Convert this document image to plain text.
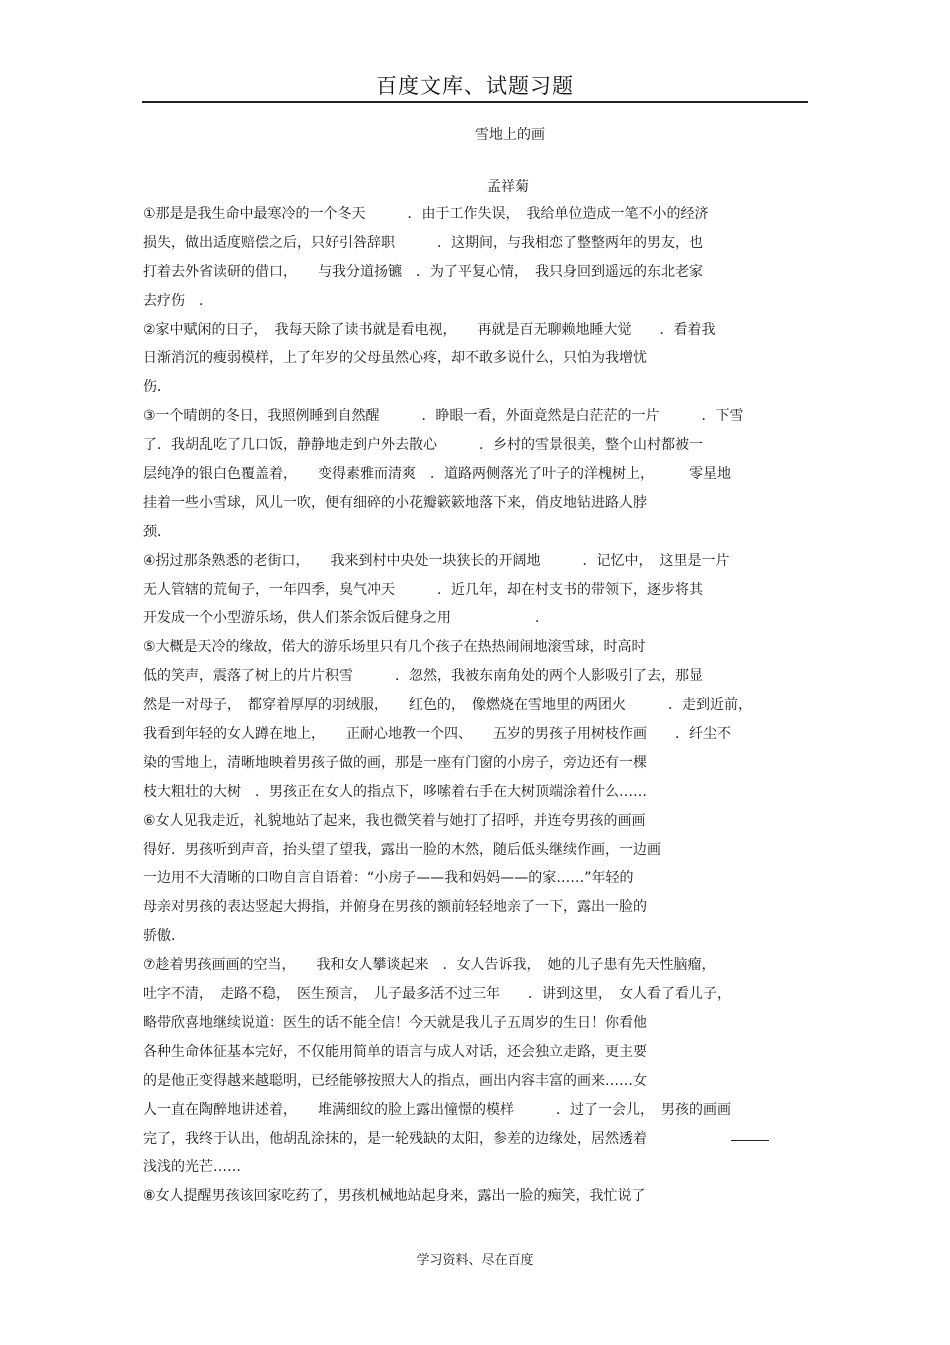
百度文库、试题习题
雪地上的画
孟祥菊
①那是是我生命中最寒冷的一个冬天　　　．由于工作失误，　我给单位造成一笔不小的经济
损失，做出适度赔偿之后，只好引咎辞职　　　．这期间，与我相恋了整整两年的男友，也
打着去外省读研的借口，　　与我分道扬镳　．为了平复心情，　我只身回到遥远的东北老家
去疗伤　．
②家中赋闲的日子，　我每天除了读书就是看电视，　　再就是百无聊赖地睡大觉　　．看着我
日渐消沉的瘦弱模样，上了年岁的父母虽然心疼，却不敢多说什么，只怕为我增忧
伤．
③一个晴朗的冬日，我照例睡到自然醒　　　．睁眼一看，外面竟然是白茫茫的一片　　　．下雪
了．我胡乱吃了几口饭，静静地走到户外去散心　　　．乡村的雪景很美，整个山村都被一
层纯净的银白色覆盖着，　　变得素雅而清爽　．道路两侧落光了叶子的洋槐树上，　　　零星地
挂着一些小雪球，风儿一吹，便有细碎的小花瓣簌簌地落下来，俏皮地钻进路人脖
颈．
④拐过那条熟悉的老街口，　　我来到村中央处一块狭长的开阔地　　　．记忆中，　这里是一片
无人管辖的荒甸子，一年四季，臭气冲天　　　．近几年，却在村支书的带领下，逐步将其
开发成一个小型游乐场，供人们茶余饭后健身之用　　　　　　．
⑤大概是天冷的缘故，偌大的游乐场里只有几个孩子在热热闹闹地滚雪球，时高时
低的笑声，震落了树上的片片积雪　　　．忽然，我被东南角处的两个人影吸引了去，那显
然是一对母子，　都穿着厚厚的羽绒服，　　红色的，　像燃烧在雪地里的两团火　　　．走到近前，
我看到年轻的女人蹲在地上，　　正耐心地教一个四、　　五岁的男孩子用树枝作画　　．纤尘不
染的雪地上，清晰地映着男孩子做的画，那是一座有门窗的小房子，旁边还有一棵
枝大粗壮的大树　．男孩正在女人的指点下，哆嗦着右手在大树顶端涂着什么……
⑥女人见我走近，礼貌地站了起来，我也微笑着与她打了招呼，并连夸男孩的画画
得好．男孩听到声音，抬头望了望我，露出一脸的木然，随后低头继续作画，一边画
一边用不大清晰的口吻自言自语着：“小房子——我和妈妈——的家……”年轻的
母亲对男孩的表达竖起大拇指，并俯身在男孩的额前轻轻地亲了一下，露出一脸的
骄傲．
⑦趁着男孩画画的空当，　　我和女人攀谈起来　．女人告诉我，　她的儿子患有先天性脑瘤，
吐字不清，　走路不稳，　医生预言，　儿子最多活不过三年　　．讲到这里，　女人看了看儿子，
略带欣喜地继续说道：医生的话不能全信！今天就是我儿子五周岁的生日！你看他
各种生命体征基本完好，不仅能用简单的语言与成人对话，还会独立走路，更主要
的是他正变得越来越聪明，已经能够按照大人的指点，画出内容丰富的画来……女
人一直在陶醉地讲述着，　　堆满细纹的脸上露出憧憬的模样　　　．过了一会儿，　男孩的画画
完了，我终于认出，他胡乱涂抹的，是一轮残缺的太阳，参差的边缘处，居然透着
浅浅的光芒……
⑧女人提醒男孩该回家吃药了，男孩机械地站起身来，露出一脸的痴笑，我忙说了
学习资料、尽在百度
